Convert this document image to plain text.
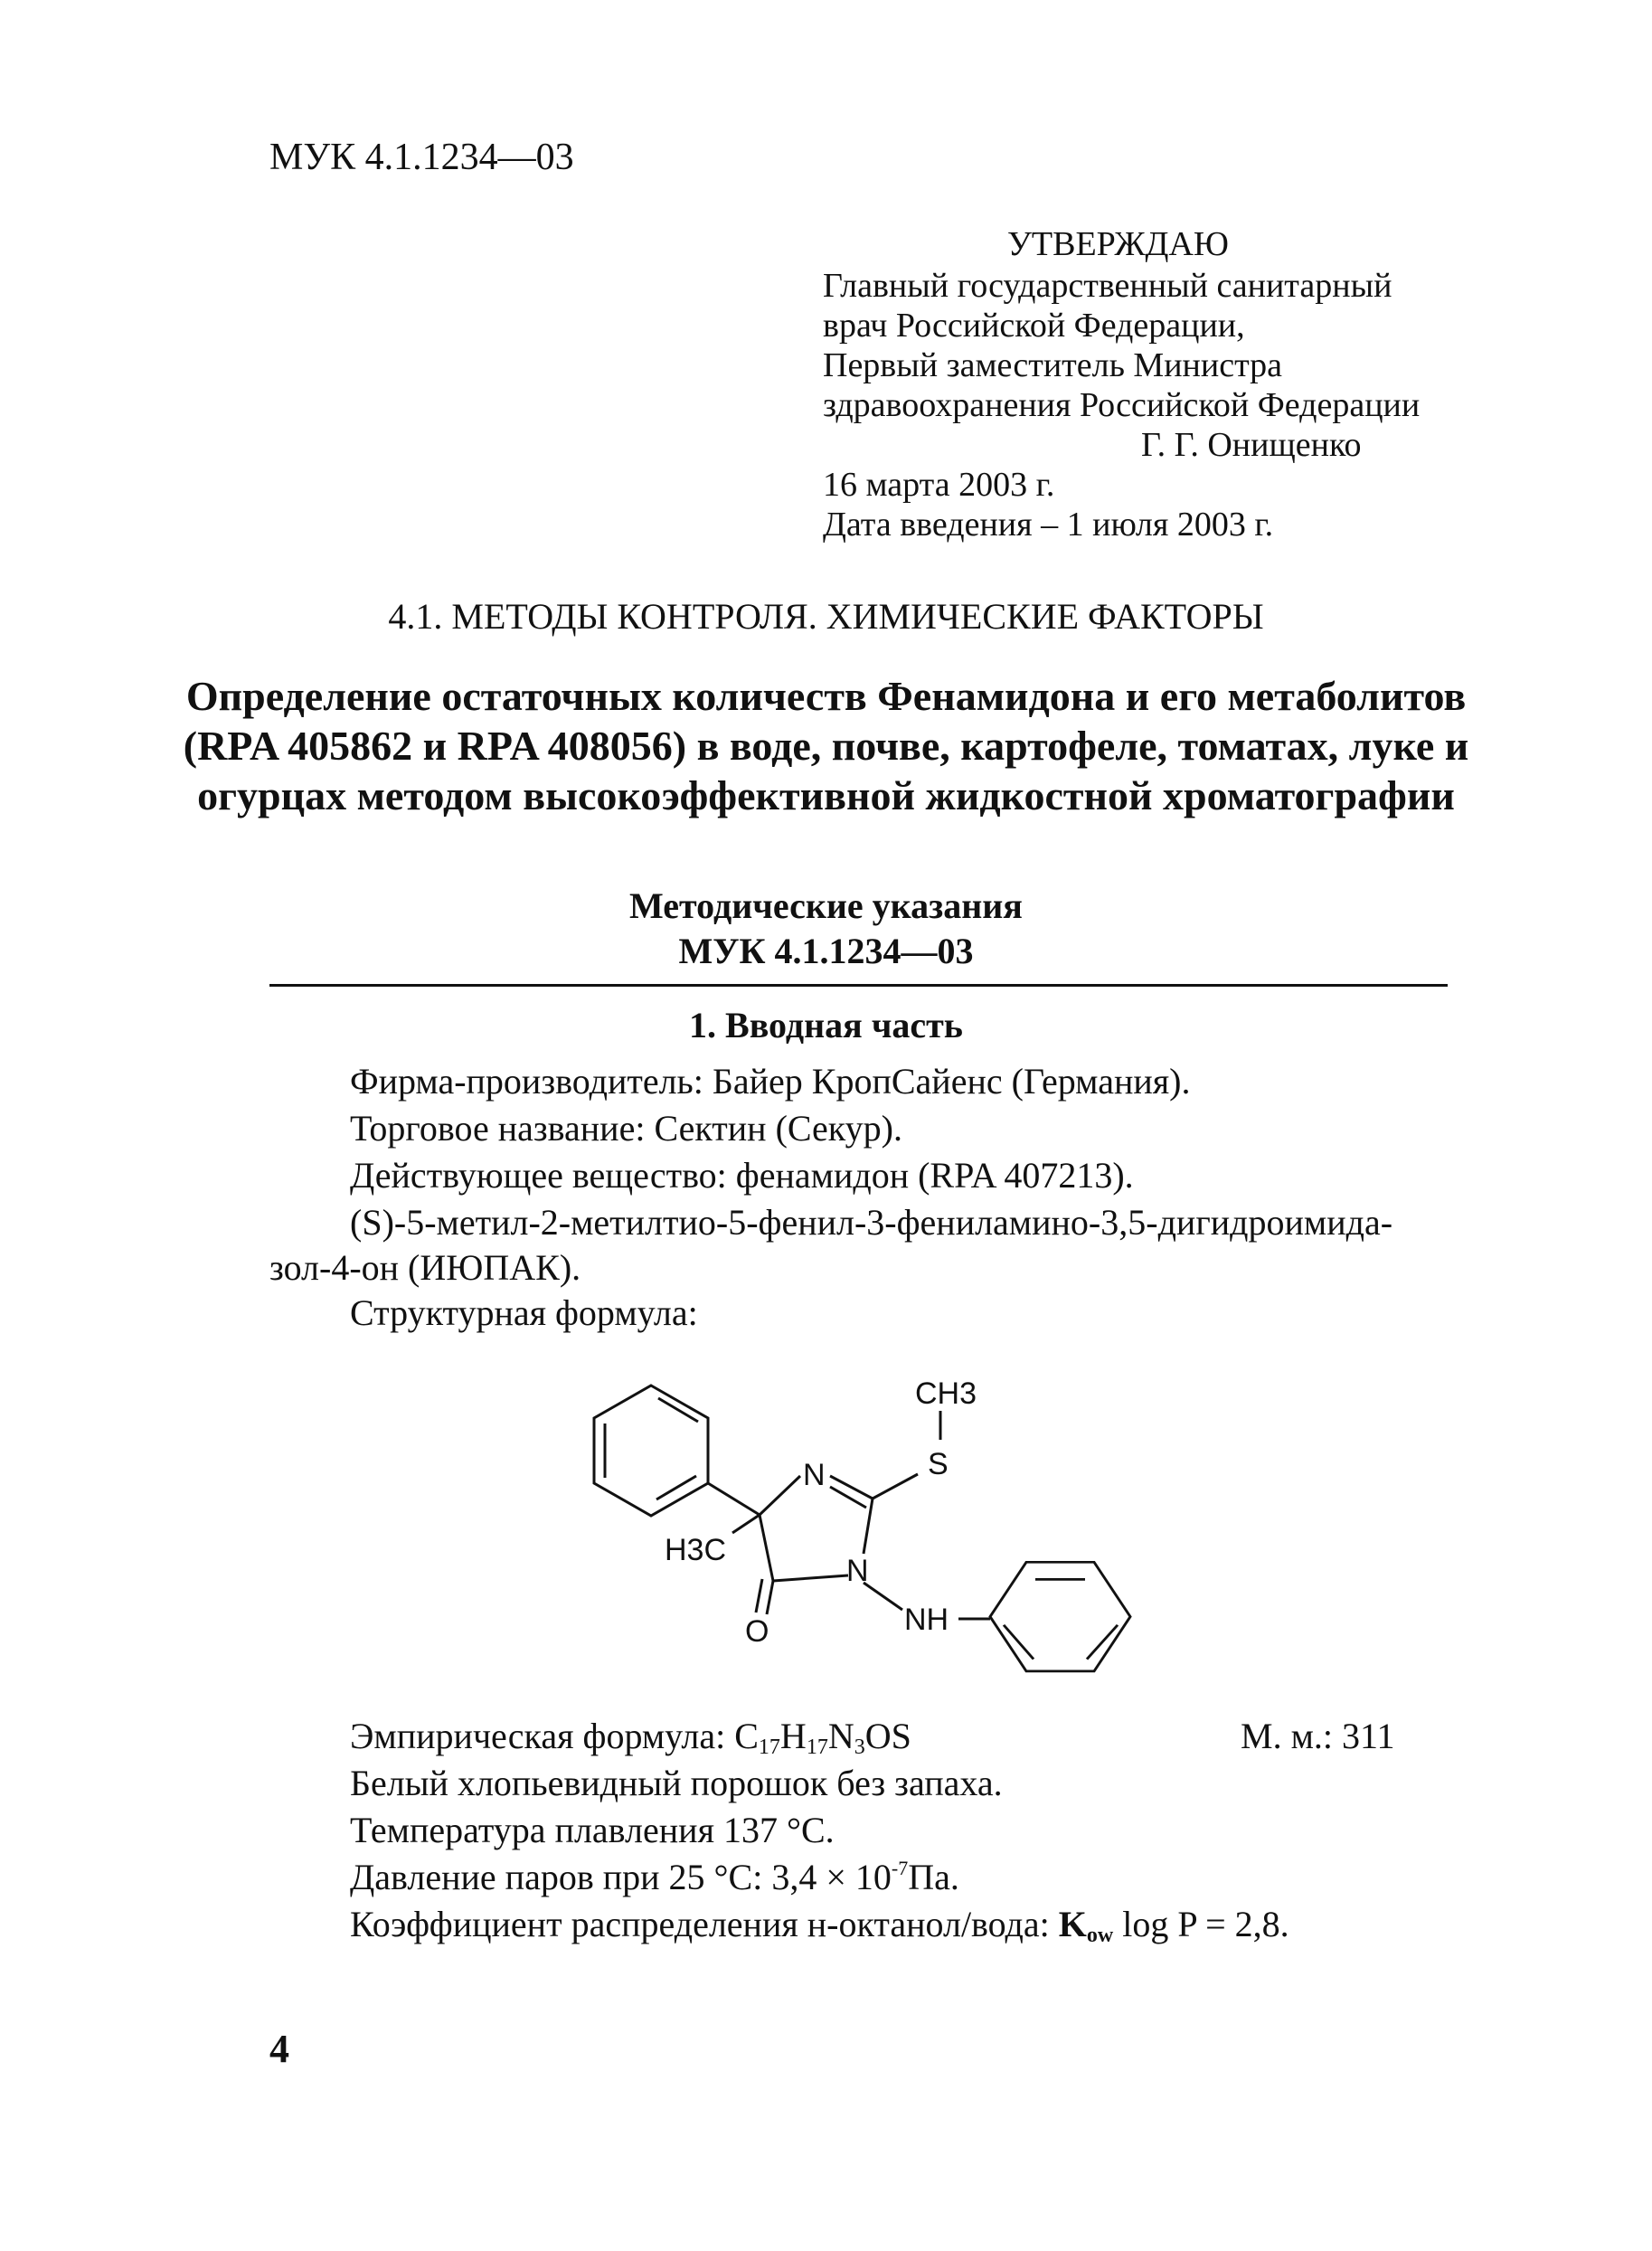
МУК 4.1.1234—03
УТВЕРЖДАЮ
Главный государственный санитарный
врач Российской Федерации,
Первый заместитель Министра
здравоохранения Российской Федерации
Г. Г. Онищенко
16 марта 2003 г.
Дата введения – 1 июля 2003 г.
4.1. МЕТОДЫ КОНТРОЛЯ. ХИМИЧЕСКИЕ ФАКТОРЫ
Определение остаточных количеств Фенамидона и его метаболитов (RPA 405862 и RPA 408056) в воде, почве, картофеле, томатах, луке и огурцах методом высокоэффективной жидкостной хроматографии
Методические указания
МУК 4.1.1234—03
1. Вводная часть
Фирма-производитель: Байер КропСайенс (Германия).
Торговое название: Сектин (Секур).
Действующее вещество: фенамидон (RPA 407213).
(S)-5-метил-2-метилтио-5-фенил-3-фениламино-3,5-дигидроимида-
зол-4-он (ИЮПАК).
Структурная формула:
CH3
S
N
N
H3C
O	NH
Эмпирическая формула: $C_{17}H_{17}N_3OS$	М. м.: 311
Белый хлопьевидный порошок без запаха.
Температура плавления 137 °С.
Давление паров при 25 °С: $3,4 \times 10^{-7}Па$.
Коэффициент распределения н-октанол/вода: $K_{ow}$ log P = 2,8.
4
